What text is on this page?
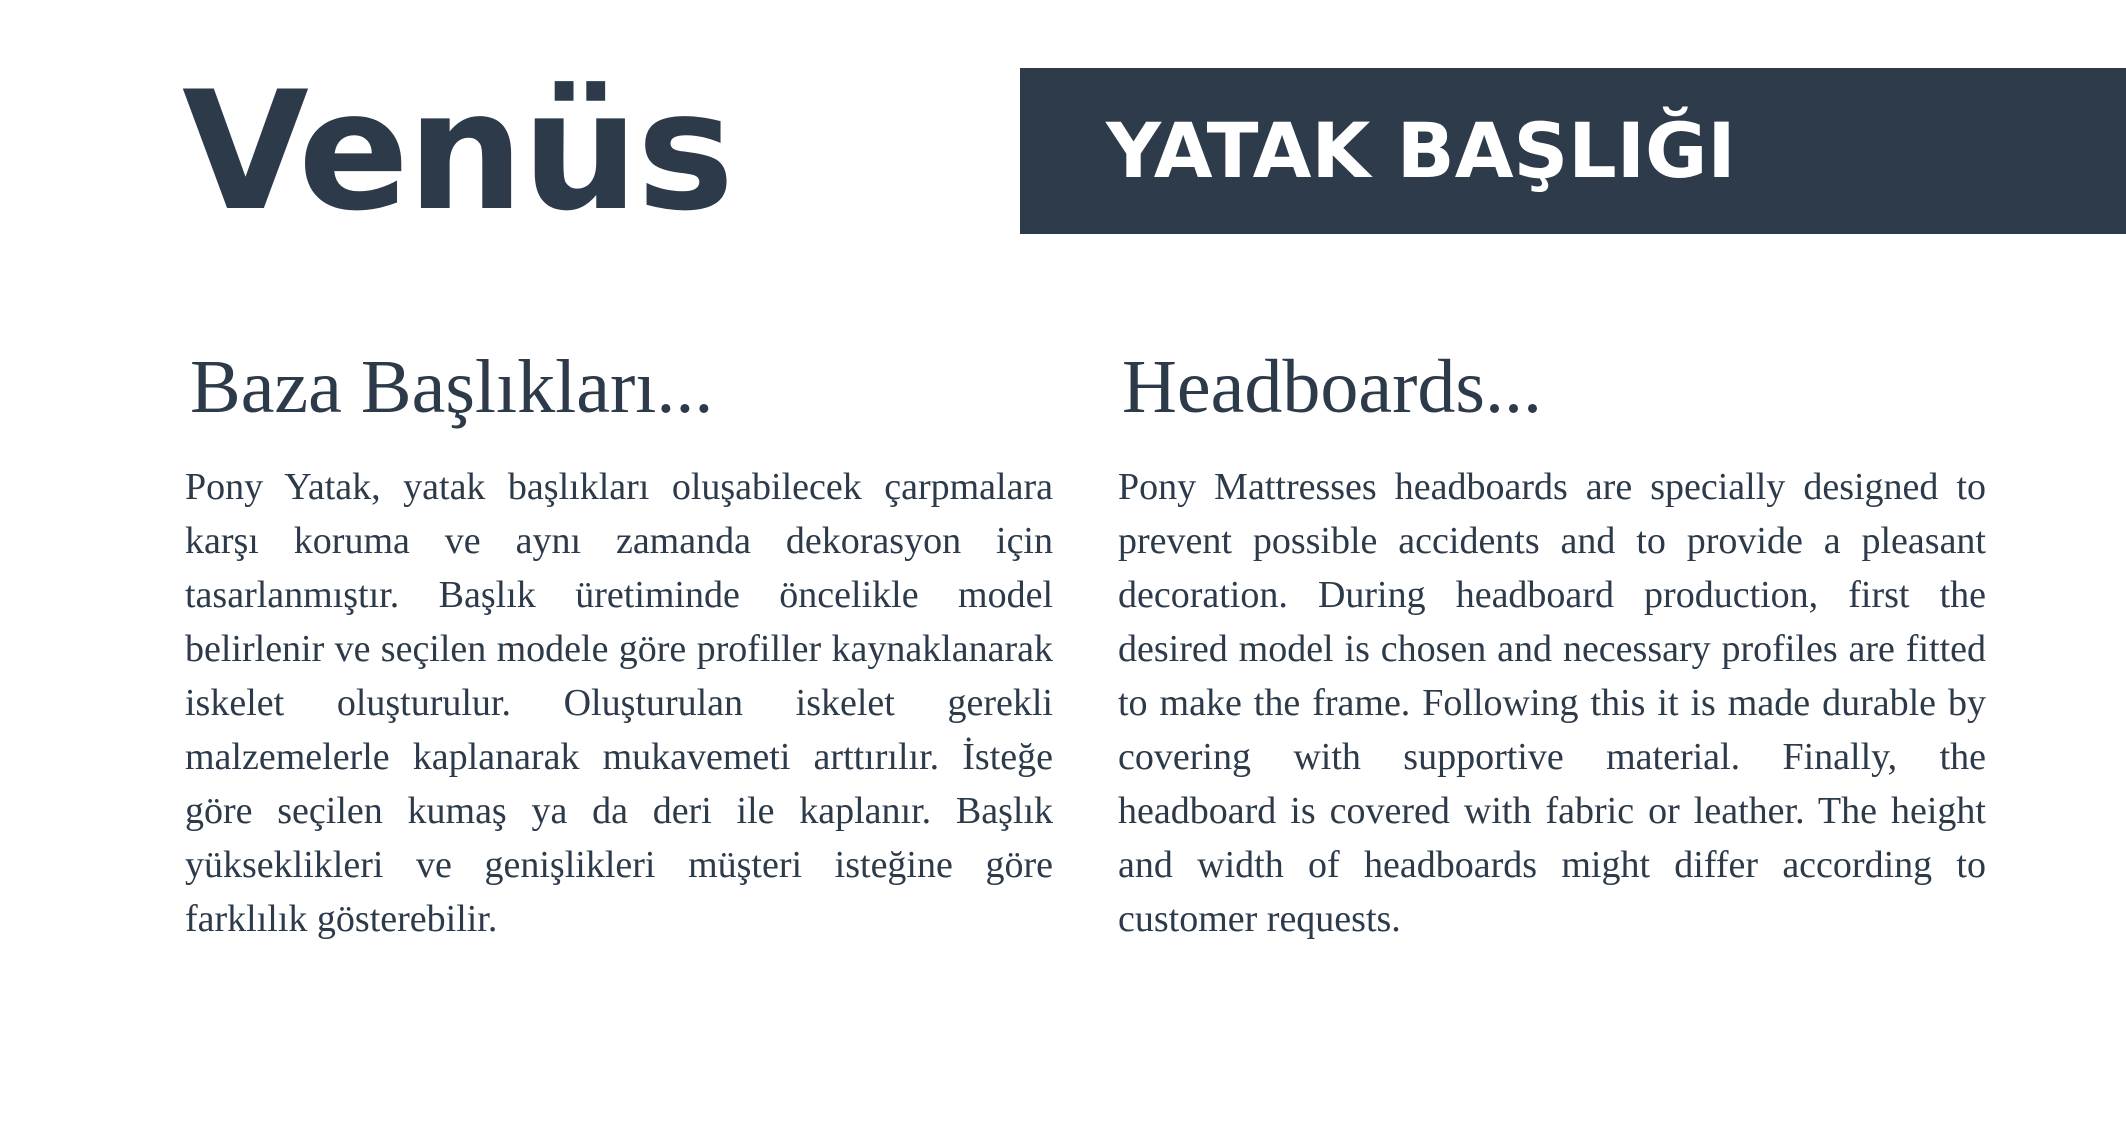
Venüs	YATAK BAŞLIĞI
Baza Başlıkları...

Pony Yatak, yatak başlıkları oluşabilecek çarpmalara karşı koruma ve aynı zamanda dekorasyon için tasarlanmıştır. Başlık üretiminde öncelikle model belirlenir ve seçilen modele göre profiller kaynaklanarak iskelet oluşturulur. Oluşturulan iskelet gerekli malzemelerle kaplanarak mukavemeti arttırılır. İsteğe göre seçilen kumaş ya da deri ile kaplanır. Başlık yükseklikleri ve genişlikleri müşteri isteğine göre farklılık gösterebilir.

Headboards...

Pony Mattresses headboards are specially designed to prevent possible accidents and to provide a pleasant decoration. During headboard production, first the desired model is chosen and necessary profiles are fitted to make the frame. Following this it is made durable by covering with supportive material. Finally, the headboard is covered with fabric or leather. The height and width of headboards might differ according to customer requests.
